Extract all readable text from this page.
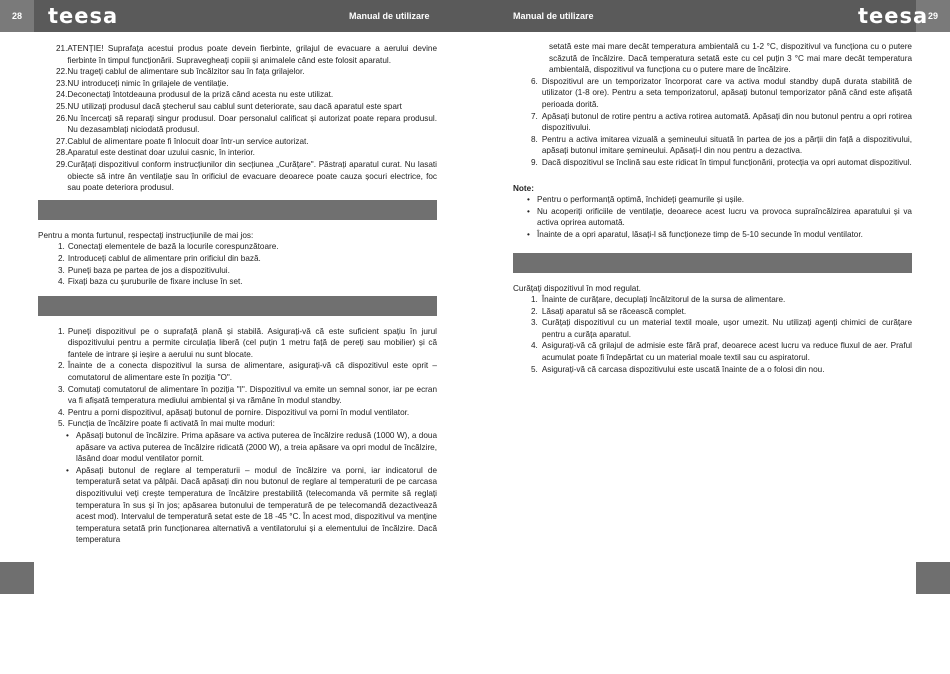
28	29
teesa	teesa
Manual de utilizare	Manual de utilizare
21. ATENȚIE! Suprafața acestui produs poate devein fierbinte, grilajul de evacuare a aerului devine fierbinte în timpul funcționării. Supravegheați copiii și animalele când este folosit aparatul.
22. Nu trageți cablul de alimentare sub încălzitor sau în fața grilajelor.
23. NU introduceți nimic în grilajele de ventilație.
24. Deconectați întotdeauna produsul de la priză când acesta nu este utilizat.
25. NU utilizați produsul dacă ștecherul sau cablul sunt deteriorate, sau dacă aparatul este spart
26. Nu încercați să reparați singur produsul. Doar personalul calificat și autorizat poate repara produsul. Nu dezasamblați niciodată produsul.
27. Cablul de alimentare poate fi înlocuit doar într-un service autorizat.
28. Aparatul este destinat doar uzului casnic, în interior.
29. Curățați dispozitivul conform instrucțiunilor din secțiunea „Curățare". Păstrați aparatul curat. Nu lasati obiecte să intre ân ventilație sau în orificiul de evacuare deoarece poate cauza șocuri electrice, foc sau poate deteriora produsul.

Pentru a monta furtunul, respectați instrucțiunile de mai jos:

1. Conectați elementele de bază la locurile corespunzătoare.
2. Introduceți cablul de alimentare prin orificiul din bază.
3. Puneți baza pe partea de jos a dispozitivului.
4. Fixați baza cu șuruburile de fixare incluse în set.
1. Puneți dispozitivul pe o suprafață plană și stabilă. Asigurați-vă că este suficient spațiu în jurul dispozitivului pentru a permite circulația liberă (cel puțin 1 metru față de pereți sau mobilier) și că fantele de intrare și ieșire a aerului nu sunt blocate.
2. Înainte de a conecta dispozitivul la sursa de alimentare, asigurați-vă că dispozitivul este oprit – comutatorul de alimentare este în poziția "O".
3. Comutați comutatorul de alimentare în poziția "I". Dispozitivul va emite un semnal sonor, iar pe ecran va fi afișată temperatura mediului ambiental și va rămâne în modul standby.
4. Pentru a porni dispozitivul, apăsați butonul de pornire. Dispozitivul va porni în modul ventilator.
5. Funcția de încălzire poate fi activată în mai multe moduri:
• Apăsați butonul de încălzire. Prima apăsare va activa puterea de încălzire redusă (1000 W), a doua apăsare va activa puterea de încălzire ridicată (2000 W), a treia apăsare va opri modul de încălzire, lăsând doar modul ventilator pornit.
• Apăsați butonul de reglare al temperaturii – modul de încălzire va porni, iar indicatorul de temperatură setat va pâlpâi. Dacă apăsați din nou butonul de reglare al temperaturii de pe carcasa dispozitivului veți crește temperatura de încălzire prestabilită (telecomanda vă permite să reglați temperatura în sus și în jos; apăsarea butonului de temperatură de pe telecomandă dezactivează acest mod). Intervalul de temperatură setat este de 18 -45 °C. În acest mod, dispozitivul va menține temperatura setată prin funcționarea alternativă a ventilatorului și a elementului de încălzire. Dacă temperatura

setată este mai mare decât temperatura ambientală cu 1-2 °C, dispozitivul va funcționa cu o putere scăzută de încălzire. Dacă temperatura setată este cu cel puțin 3 °C mai mare decât temperatura ambientală, dispozitivul va funcționa cu o putere mare de încălzire.

6. Dispozitivul are un temporizator încorporat care va activa modul standby după durata stabilită de utilizator (1-8 ore). Pentru a seta temporizatorul, apăsați butonul temporizator până când este afișată perioada dorită.
7. Apăsați butonul de rotire pentru a activa rotirea automată. Apăsați din nou butonul pentru a opri rotirea dispozitivului.
8. Pentru a activa imitarea vizuală a șemineului situată în partea de jos a părții din față a dispozitivului, apăsați butonul imitare șemineului. Apăsați-l din nou pentru a dezactiva.
9. Dacă dispozitivul se înclină sau este ridicat în timpul funcționării, protecția va opri automat dispozitivul.

Note:

• Pentru o performanță optimă, închideți geamurile și ușile.
• Nu acoperiți orificiile de ventilație, deoarece acest lucru va provoca supraîncălzirea aparatului și va activa oprirea automată.
• Înainte de a opri aparatul, lăsați-l să funcționeze timp de 5-10 secunde în modul ventilator.

Curățați dispozitivul în mod regulat.

1. Înainte de curățare, decuplați încălzitorul de la sursa de alimentare.
2. Lăsați aparatul să se răcească complet.
3. Curățați dispozitivul cu un material textil moale, ușor umezit. Nu utilizați agenți chimici de curățare pentru a curăța aparatul.
4. Asigurați-vă că grilajul de admisie este fără praf, deoarece acest lucru va reduce fluxul de aer. Praful acumulat poate fi îndepărtat cu un material moale textil sau cu aspiratorul.
5. Asigurați-vă că carcasa dispozitivului este uscată înainte de a o folosi din nou.
